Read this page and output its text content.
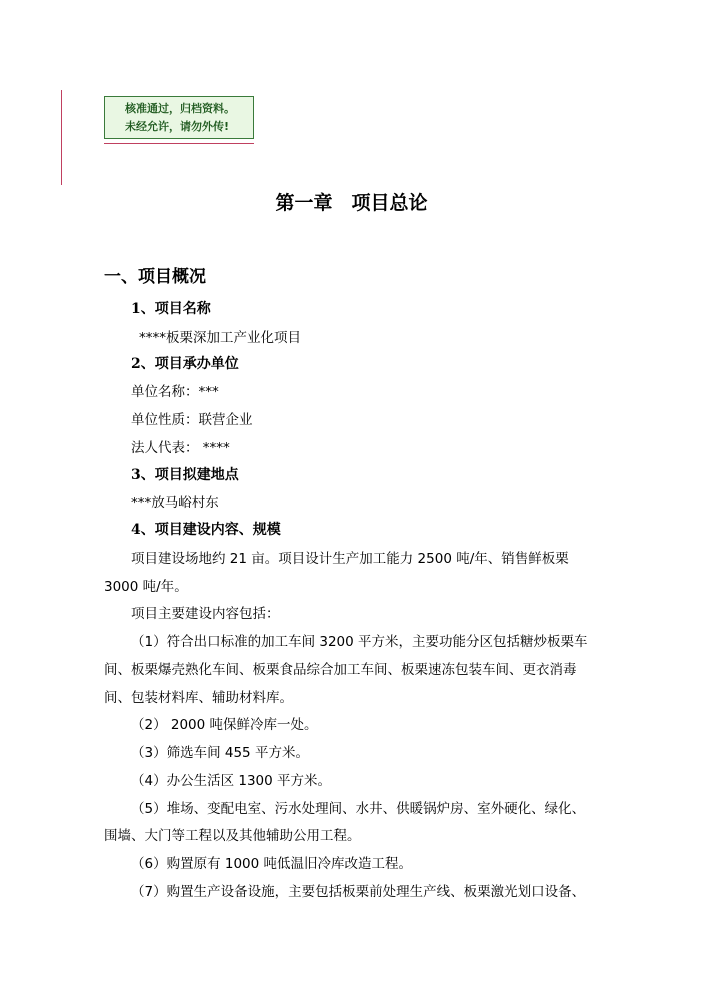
核准通过，归档资料。
未经允许，请勿外传!
第一章　项目总论
一、项目概况
1、项目名称
****板栗深加工产业化项目
2、项目承办单位
单位名称：***
单位性质：联营企业
法人代表： ****
3、项目拟建地点
***放马峪村东
4、项目建设内容、规模
项目建设场地约 21 亩。项目设计生产加工能力 2500 吨/年、销售鲜板栗
3000 吨/年。
项目主要建设内容包括：
（1）符合出口标准的加工车间 3200 平方米，主要功能分区包括糖炒板栗车
间、板栗爆壳熟化车间、板栗食品综合加工车间、板栗速冻包装车间、更衣消毒
间、包装材料库、辅助材料库。
（2） 2000 吨保鲜冷库一处。
（3）筛选车间 455 平方米。
（4）办公生活区 1300 平方米。
（5）堆场、变配电室、污水处理间、水井、供暖锅炉房、室外硬化、绿化、
围墙、大门等工程以及其他辅助公用工程。
（6）购置原有 1000 吨低温旧冷库改造工程。
（7）购置生产设备设施，主要包括板栗前处理生产线、板栗激光划口设备、
